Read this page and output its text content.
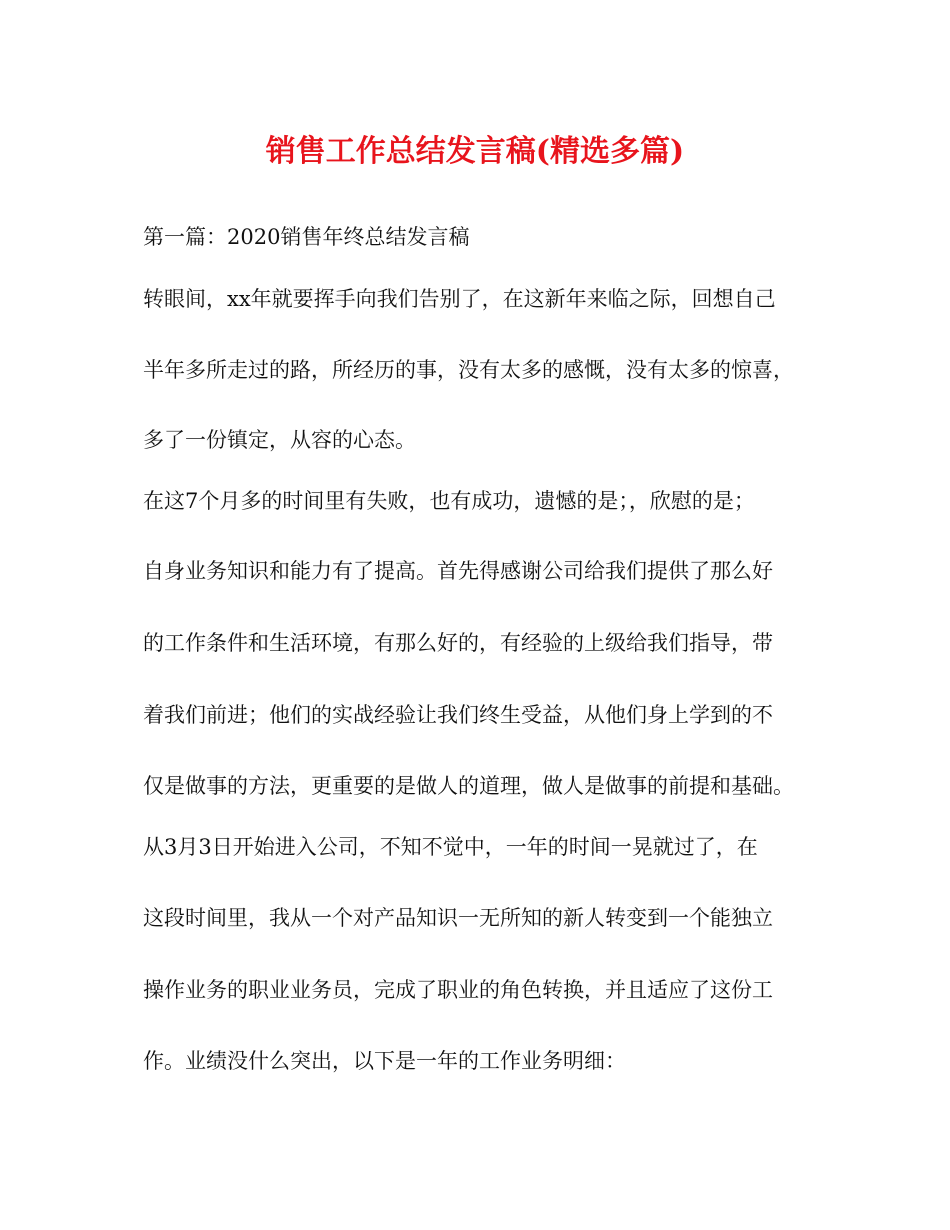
销售工作总结发言稿(精选多篇)

第一篇：2020销售年终总结发言稿

转眼间，xx年就要挥手向我们告别了，在这新年来临之际，回想自己

半年多所走过的路，所经历的事，没有太多的感慨，没有太多的惊喜，

多了一份镇定，从容的心态。

在这7个月多的时间里有失败，也有成功，遗憾的是；，欣慰的是；

自身业务知识和能力有了提高。首先得感谢公司给我们提供了那么好

的工作条件和生活环境，有那么好的，有经验的上级给我们指导，带

着我们前进；他们的实战经验让我们终生受益，从他们身上学到的不

仅是做事的方法，更重要的是做人的道理，做人是做事的前提和基础。

从3月3日开始进入公司，不知不觉中，一年的时间一晃就过了，在

这段时间里，我从一个对产品知识一无所知的新人转变到一个能独立

操作业务的职业业务员，完成了职业的角色转换，并且适应了这份工

作。业绩没什么突出，以下是一年的工作业务明细：
